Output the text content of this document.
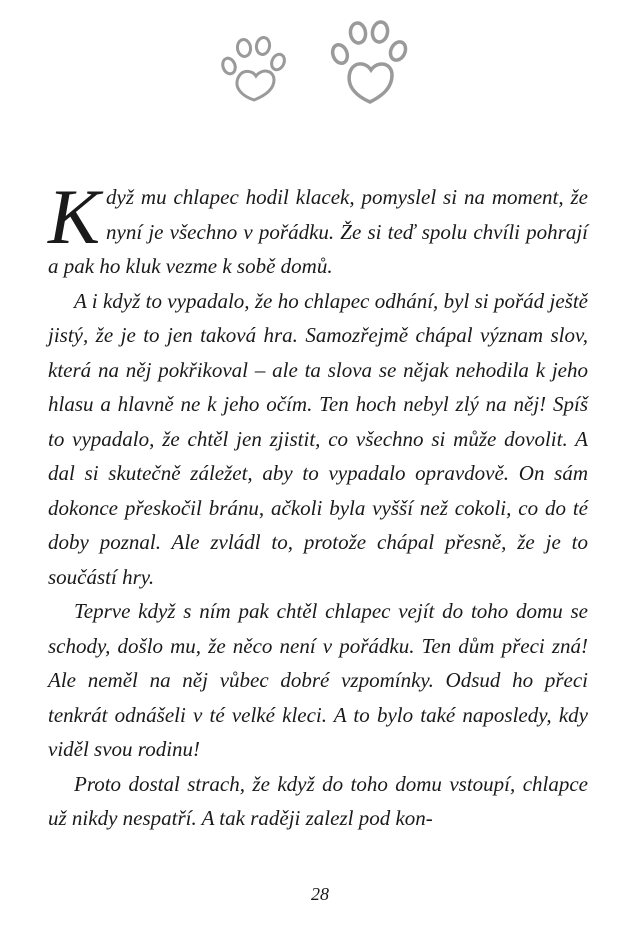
Když mu chlapec hodil klacek, pomyslel si na moment, že nyní je všechno v pořádku. Že si teď spolu chvíli pohrají a pak ho kluk vezme k sobě domů.

A i když to vypadalo, že ho chlapec odhání, byl si pořád ještě jistý, že je to jen taková hra. Samozřejmě chápal význam slov, která na něj pokřikoval – ale ta slova se nějak nehodila k jeho hlasu a hlavně ne k jeho očím. Ten hoch nebyl zlý na něj! Spíš to vypadalo, že chtěl jen zjistit, co všechno si může dovolit. A dal si skutečně záležet, aby to vypadalo opravdově. On sám dokonce přeskočil bránu, ačkoli byla vyšší než cokoli, co do té doby poznal. Ale zvládl to, protože chápal přesně, že je to součástí hry.

Teprve když s ním pak chtěl chlapec vejít do toho domu se schody, došlo mu, že něco není v pořádku. Ten dům přeci zná! Ale neměl na něj vůbec dobré vzpomínky. Odsud ho přeci tenkrát odnášeli v té velké kleci. A to bylo také naposledy, kdy viděl svou rodinu!

Proto dostal strach, že když do toho domu vstoupí, chlapce už nikdy nespatří. A tak raději zalezl pod kon-

28
